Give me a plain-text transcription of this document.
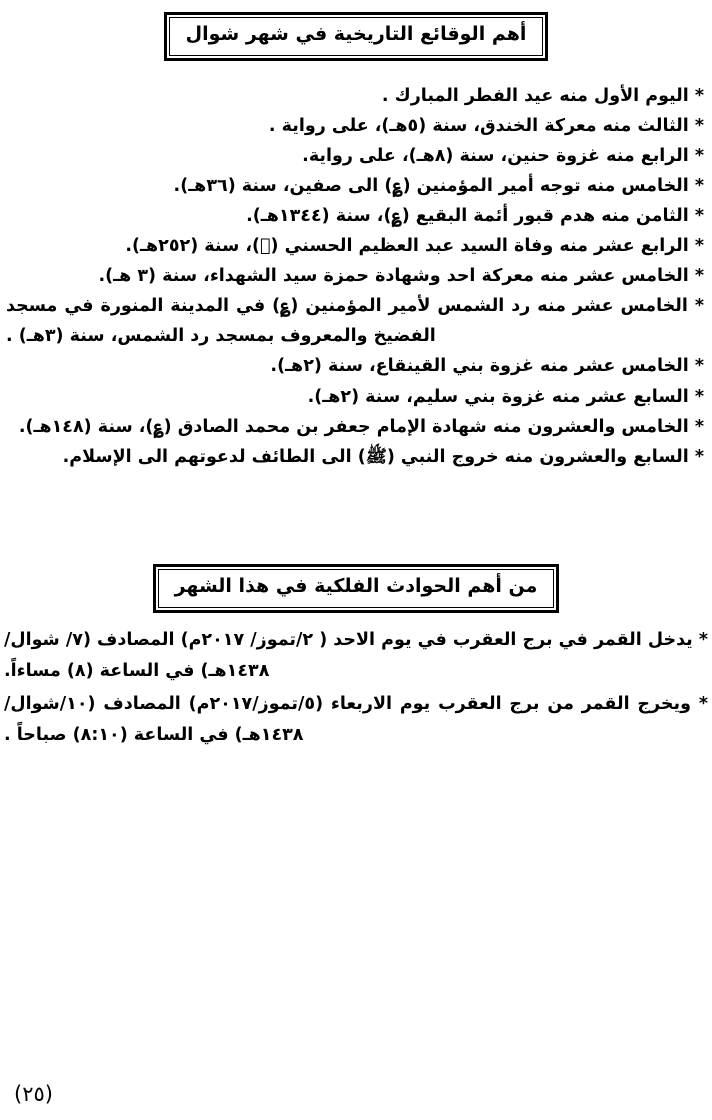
أهم الوقائع التاريخية في شهر شوال
* اليوم الأول منه عيد الفطر المبارك .
* الثالث منه معركة الخندق، سنة (٥هـ)، على رواية .
* الرابع منه غزوة حنين، سنة (٨هـ)، على رواية.
* الخامس منه توجه أمير المؤمنين (؏) الى صفين، سنة (٣٦هـ).
* الثامن منه هدم قبور أئمة البقيع (؏)، سنة (١٣٤٤هـ).
* الرابع عشر منه وفاة السيد عبد العظيم الحسني (﷢)، سنة (٢٥٢هـ).
* الخامس عشر منه معركة احد وشهادة حمزة سيد الشهداء، سنة (٣ هـ).
* الخامس عشر منه رد الشمس لأمير المؤمنين (؏) في المدينة المنورة في مسجد الفضيخ والمعروف بمسجد رد الشمس، سنة (٣هـ) .
* الخامس عشر منه غزوة بني القينقاع، سنة (٢هـ).
* السابع عشر منه غزوة بني سليم، سنة (٢هـ).
* الخامس والعشرون منه شهادة الإمام جعفر بن محمد الصادق (؏)، سنة (١٤٨هـ).
* السابع والعشرون منه خروج النبي (ﷺ) الى الطائف لدعوتهم الى الإسلام.
من أهم الحوادث الفلكية في هذا الشهر
* يدخل القمر في برج العقرب في يوم الاحد ( ٢/تموز/ ٢٠١٧م) المصادف (٧/ شوال/ ١٤٣٨هـ) في الساعة (٨) مساءاً.
* ويخرج القمر من برج العقرب يوم الاربعاء (٥/تموز/٢٠١٧م) المصادف (١٠/شوال/١٤٣٨هـ) في الساعة (٨:١٠) صباحاً .
(٢٥)
